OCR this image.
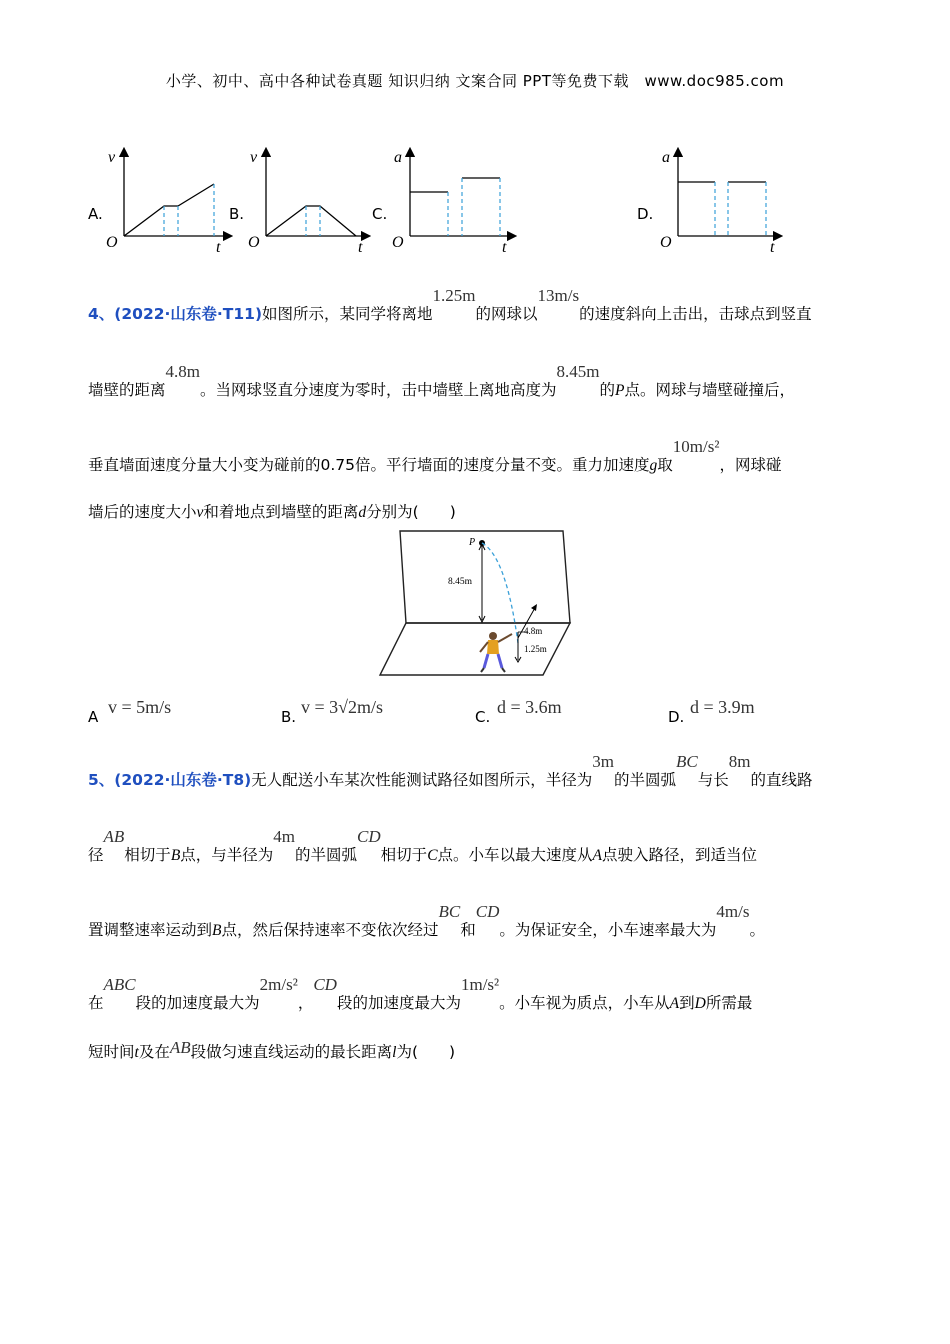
小学、初中、高中各种试卷真题 知识归纳 文案合同 PPT等免费下载　www.doc985.com
A.	B.	C.	D.
v
O	t
v
O	t
a
O	t
a
O	t
4、(2022·山东卷·T11)如图所示，某同学将离地1.25m的网球以13m/s的速度斜向上击出，击球点到竖直
墙壁的距离4.8m。当网球竖直分速度为零时，击中墙壁上离地高度为8.45m的P点。网球与墙壁碰撞后，
垂直墙面速度分量大小变为碰前的0.75倍。平行墙面的速度分量不变。重力加速度g取10m/s²，网球碰
墙后的速度大小v和着地点到墙壁的距离d分别为(　　)
P
8.45m
4.8m
1.25m
A v = 5m/s	B. v = 3√2m/s	C. d = 3.6m	D. d = 3.9m
5、(2022·山东卷·T8)无人配送小车某次性能测试路径如图所示，半径为3m的半圆弧BC与长8m的直线路
径AB相切于B点，与半径为4m的半圆弧CD相切于C点。小车以最大速度从A点驶入路径，到适当位
置调整速率运动到B点，然后保持速率不变依次经过BC和CD。为保证安全，小车速率最大为4m/s。
在ABC段的加速度最大为2m/s²，CD段的加速度最大为1m/s²。小车视为质点，小车从A到D所需最
短时间t及在AB段做匀速直线运动的最长距离l为(　　)
